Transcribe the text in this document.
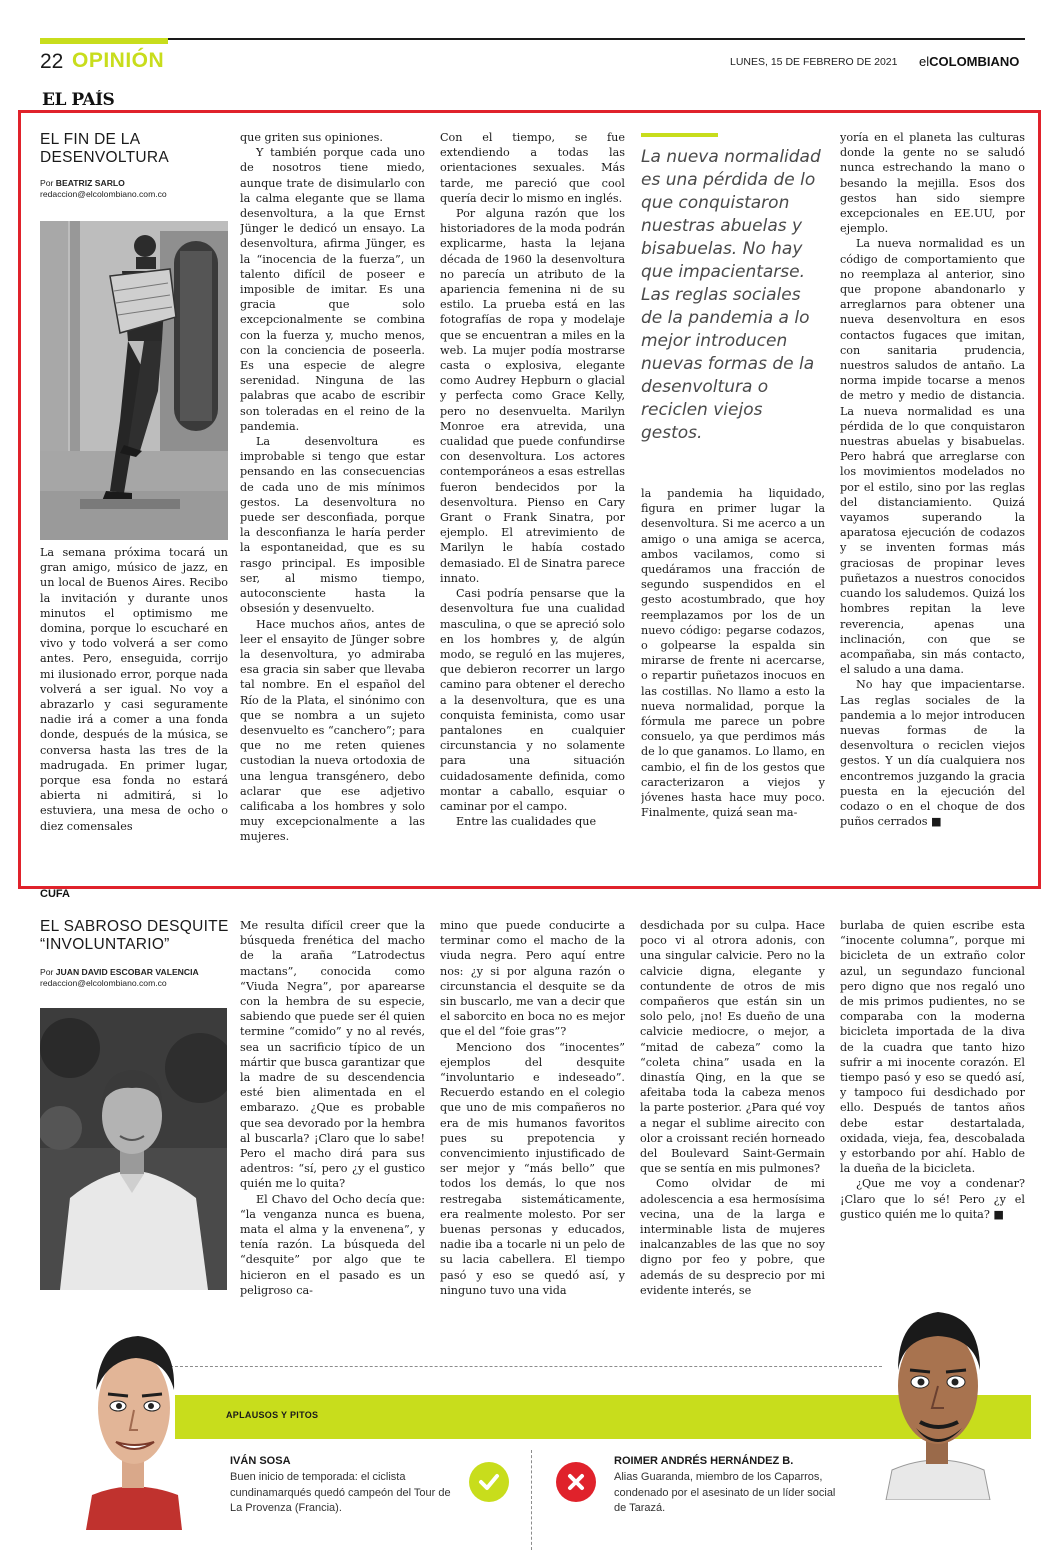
22 OPINIÓN	LUNES, 15 DE FEBRERO DE 2021 elCOLOMBIANO
EL PAÍS
EL FIN DE LA
DESENVOLTURA
Por BEATRIZ SARLO
redaccion@elcolombiano.com.co

La semana próxima tocará un gran amigo, músico de jazz, en un local de Buenos Aires. Recibo la invitación y durante unos minutos el optimismo me domina, porque lo escucharé en vivo y todo volverá a ser como antes. Pero, enseguida, corrijo mi ilusionado error, porque nada volverá a ser igual. No voy a abrazarlo y casi seguramente nadie irá a comer a una fonda donde, después de la música, se conversa hasta las tres de la madrugada. En primer lugar, porque esa fonda no estará abierta ni admitirá, si lo estuviera, una mesa de ocho o diez comensales

que griten sus opiniones.

Y también porque cada uno de nosotros tiene miedo, aunque trate de disimularlo con la calma elegante que se llama desenvoltura, a la que Ernst Jünger le dedicó un ensayo. La desenvoltura, afirma Jünger, es la “inocencia de la fuerza”, un talento difícil de poseer e imposible de imitar. Es una gracia que solo excepcionalmente se combina con la fuerza y, mucho menos, con la conciencia de poseerla. Es una especie de alegre serenidad. Ninguna de las palabras que acabo de escribir son toleradas en el reino de la pandemia.

La desenvoltura es improbable si tengo que estar pensando en las consecuencias de cada uno de mis mínimos gestos. La desenvoltura no puede ser desconfiada, porque la desconfianza le haría perder la espontaneidad, que es su rasgo principal. Es imposible ser, al mismo tiempo, autoconsciente hasta la obsesión y desenvuelto.

Hace muchos años, antes de leer el ensayito de Jünger sobre la desenvoltura, yo admiraba esa gracia sin saber que llevaba tal nombre. En el español del Río de la Plata, el sinónimo con que se nombra a un sujeto desenvuelto es “canchero”; para que no me reten quienes custodian la nueva ortodoxia de una lengua transgénero, debo aclarar que ese adjetivo calificaba a los hombres y solo muy excepcionalmente a las mujeres.

Con el tiempo, se fue extendiendo a todas las orientaciones sexuales. Más tarde, me pareció que cool quería decir lo mismo en inglés.

Por alguna razón que los historiadores de la moda podrán explicarme, hasta la lejana década de 1960 la desenvoltura no parecía un atributo de la apariencia femenina ni de su estilo. La prueba está en las fotografías de ropa y modelaje que se encuentran a miles en la web. La mujer podía mostrarse casta o explosiva, elegante como Audrey Hepburn o glacial y perfecta como Grace Kelly, pero no desenvuelta. Marilyn Monroe era atrevida, una cualidad que puede confundirse con desenvoltura. Los actores contemporáneos a esas estrellas fueron bendecidos por la desenvoltura. Pienso en Cary Grant o Frank Sinatra, por ejemplo. El atrevimiento de Marilyn le había costado demasiado. El de Sinatra parece innato.

Casi podría pensarse que la desenvoltura fue una cualidad masculina, o que se apreció solo en los hombres y, de algún modo, se reguló en las mujeres, que debieron recorrer un largo camino para obtener el derecho a la desenvoltura, que es una conquista feminista, como usar pantalones en cualquier circunstancia y no solamente para una situación cuidadosamente definida, como montar a caballo, esquiar o caminar por el campo.

Entre las cualidades que

La nueva normalidad es una pérdida de lo que conquistaron nuestras abuelas y bisabuelas. No hay que impacientarse. Las reglas sociales de la pandemia a lo mejor introducen nuevas formas de la desenvoltura o reciclen viejos gestos.

la pandemia ha liquidado, figura en primer lugar la desenvoltura. Si me acerco a un amigo o una amiga se acerca, ambos vacilamos, como si quedáramos una fracción de segundo suspendidos en el gesto acostumbrado, que hoy reemplazamos por los de un nuevo código: pegarse codazos, o golpearse la espalda sin mirarse de frente ni acercarse, o repartir puñetazos inocuos en las costillas. No llamo a esto la nueva normalidad, porque la fórmula me parece un pobre consuelo, ya que perdimos más de lo que ganamos. Lo llamo, en cambio, el fin de los gestos que caracterizaron a viejos y jóvenes hasta hace muy poco. Finalmente, quizá sean ma-

yoría en el planeta las culturas donde la gente no se saludó nunca estrechando la mano o besando la mejilla. Esos dos gestos han sido siempre excepcionales en EE.UU, por ejemplo.

La nueva normalidad es un código de comportamiento que no reemplaza al anterior, sino que propone abandonarlo y arreglarnos para obtener una nueva desenvoltura en esos contactos fugaces que imitan, con sanitaria prudencia, nuestros saludos de antaño. La norma impide tocarse a menos de metro y medio de distancia. La nueva normalidad es una pérdida de lo que conquistaron nuestras abuelas y bisabuelas. Pero habrá que arreglarse con los movimientos modelados no por el estilo, sino por las reglas del distanciamiento. Quizá vayamos superando la aparatosa ejecución de codazos y se inventen formas más graciosas de propinar leves puñetazos a nuestros conocidos cuando los saludemos. Quizá los hombres repitan la leve reverencia, apenas una inclinación, con que se acompañaba, sin más contacto, el saludo a una dama.

No hay que impacientarse. Las reglas sociales de la pandemia a lo mejor introducen nuevas formas de la desenvoltura o reciclen viejos gestos. Y un día cualquiera nos encontremos juzgando la gracia puesta en la ejecución del codazo o en el choque de dos puños cerrados ■

CUFA
EL SABROSO DESQUITE
“INVOLUNTARIO”
Por JUAN DAVID ESCOBAR VALENCIA
redaccion@elcolombiano.com.co

Me resulta difícil creer que la búsqueda frenética del macho de la araña “Latrodectus mactans”, conocida como “Viuda Negra”, por aparearse con la hembra de su especie, sabiendo que puede ser él quien termine “comido” y no al revés, sea un sacrificio típico de un mártir que busca garantizar que la madre de su descendencia esté bien alimentada en el embarazo. ¿Que es probable que sea devorado por la hembra al buscarla? ¡Claro que lo sabe! Pero el macho dirá para sus adentros: “sí, pero ¿y el gustico quién me lo quita?

El Chavo del Ocho decía que: “la venganza nunca es buena, mata el alma y la envenena”, y tenía razón. La búsqueda del “desquite” por algo que te hicieron en el pasado es un peligroso ca-

mino que puede conducirte a terminar como el macho de la viuda negra. Pero aquí entre nos: ¿y si por alguna razón o circunstancia el desquite se da sin buscarlo, me van a decir que el saborcito en boca no es mejor que el del “foie gras”?

Menciono dos “inocentes” ejemplos del desquite “involuntario e indeseado”. Recuerdo estando en el colegio que uno de mis compañeros no era de mis humanos favoritos pues su prepotencia y convencimiento injustificado de ser mejor y “más bello” que todos los demás, lo que nos restregaba sistemáticamente, era realmente molesto. Por ser buenas personas y educados, nadie iba a tocarle ni un pelo de su lacia cabellera. El tiempo pasó y eso se quedó así, y ninguno tuvo una vida

desdichada por su culpa. Hace poco vi al otrora adonis, con una singular calvicie. Pero no la calvicie digna, elegante y contundente de otros de mis compañeros que están sin un solo pelo, ¡no! Es dueño de una calvicie mediocre, o mejor, a “mitad de cabeza” como la “coleta china” usada en la dinastía Qing, en la que se afeitaba toda la cabeza menos la parte posterior. ¿Para qué voy a negar el sublime airecito con olor a croissant recién horneado del Boulevard Saint-Germain que se sentía en mis pulmones?

Como olvidar de mi adolescencia a esa hermosísima vecina, una de la larga e interminable lista de mujeres inalcanzables de las que no soy digno por feo y pobre, que además de su desprecio por mi evidente interés, se

burlaba de quien escribe esta “inocente columna”, porque mi bicicleta de un extraño color azul, un segundazo funcional pero digno que nos regaló uno de mis primos pudientes, no se comparaba con la moderna bicicleta importada de la diva de la cuadra que tanto hizo sufrir a mi inocente corazón. El tiempo pasó y eso se quedó así, y tampoco fui desdichado por ello. Después de tantos años debe estar destartalada, oxidada, vieja, fea, descobalada y estorbando por ahí. Hablo de la dueña de la bicicleta.

¿Que me voy a condenar? ¡Claro que lo sé! Pero ¿y el gustico quién me lo quita? ■

APLAUSOS Y PITOS
IVÁN SOSA
Buen inicio de temporada: el ciclista cundinamarqués quedó campeón del Tour de La Provenza (Francia).
ROIMER ANDRÉS HERNÁNDEZ B.
Alias Guaranda, miembro de los Caparros, condenado por el asesinato de un líder social de Tarazá.
